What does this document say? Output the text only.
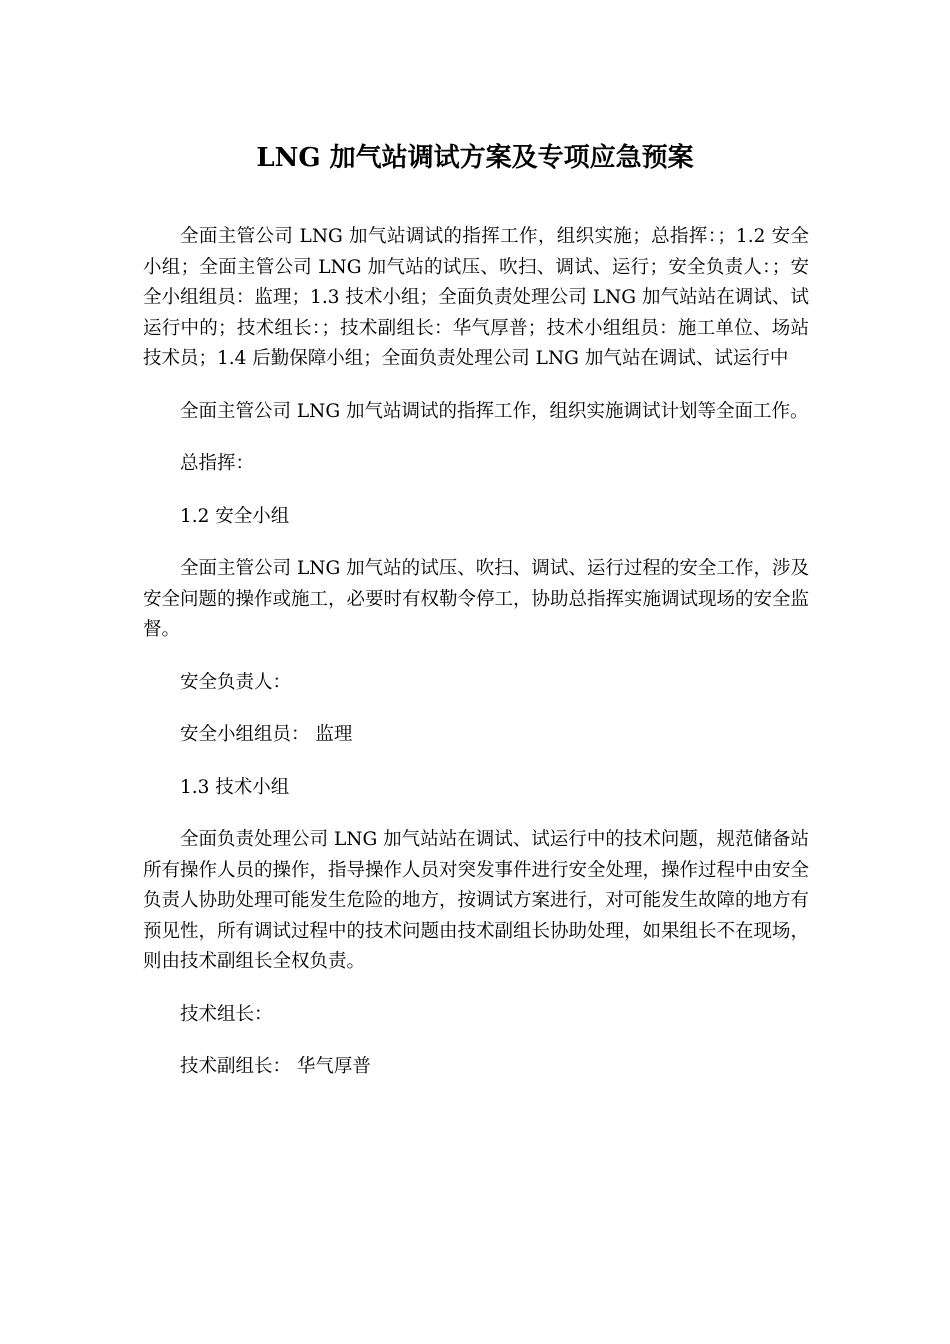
LNG 加气站调试方案及专项应急预案

全面主管公司 LNG 加气站调试的指挥工作，组织实施；总指挥：；1.2 安全小组；全面主管公司 LNG 加气站的试压、吹扫、调试、运行；安全负责人：；安全小组组员：监理；1.3 技术小组；全面负责处理公司 LNG 加气站站在调试、试运行中的；技术组长：；技术副组长：华气厚普；技术小组组员：施工单位、场站技术员；1.4 后勤保障小组；全面负责处理公司 LNG 加气站在调试、试运行中

全面主管公司 LNG 加气站调试的指挥工作，组织实施调试计划等全面工作。

总指挥：

1.2 安全小组

全面主管公司 LNG 加气站的试压、吹扫、调试、运行过程的安全工作，涉及安全问题的操作或施工，必要时有权勒令停工，协助总指挥实施调试现场的安全监督。

安全负责人：

安全小组组员： 监理

1.3 技术小组

全面负责处理公司 LNG 加气站站在调试、试运行中的技术问题，规范储备站所有操作人员的操作，指导操作人员对突发事件进行安全处理，操作过程中由安全负责人协助处理可能发生危险的地方，按调试方案进行，对可能发生故障的地方有预见性，所有调试过程中的技术问题由技术副组长协助处理，如果组长不在现场，则由技术副组长全权负责。

技术组长：

技术副组长： 华气厚普
